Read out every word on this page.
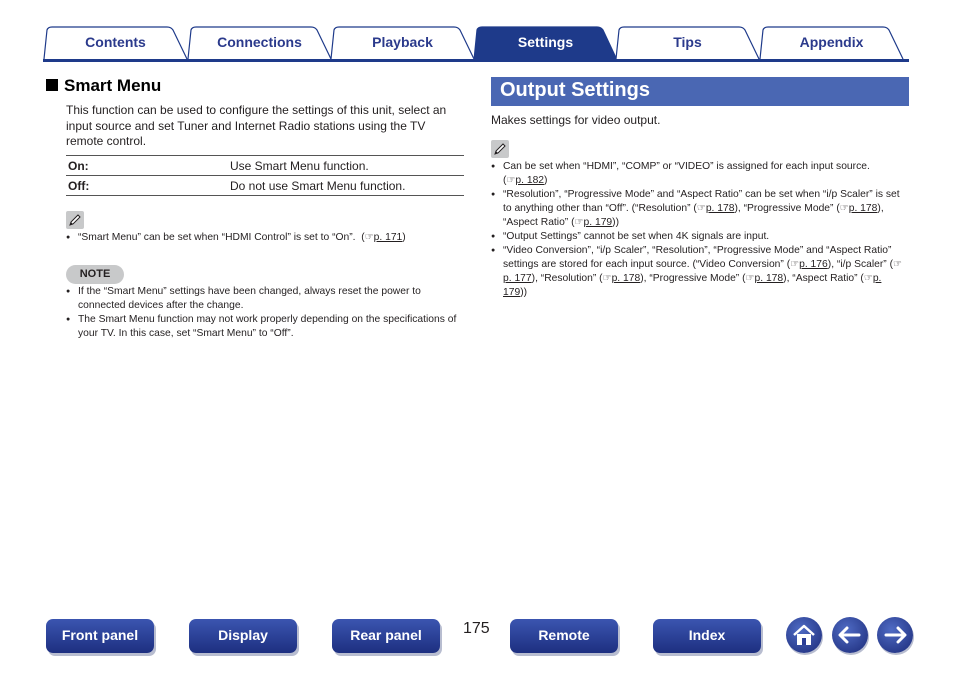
Contents	Connections	Playback	Settings	Tips	Appendix
Smart Menu
This function can be used to configure the settings of this unit, select an input source and set Tuner and Internet Radio stations using the TV remote control.
On:	Use Smart Menu function.
Off:	Do not use Smart Menu function.
● “Smart Menu” can be set when “HDMI Control” is set to “On”.  (☞p. 171)
NOTE
● If the “Smart Menu” settings have been changed, always reset the power to connected devices after the change.
● The Smart Menu function may not work properly depending on the specifications of your TV. In this case, set “Smart Menu” to “Off”.
Output Settings
Makes settings for video output.
● Can be set when “HDMI”, “COMP” or “VIDEO” is assigned for each input source.
(☞p. 182)
● “Resolution”, “Progressive Mode” and “Aspect Ratio” can be set when “i/p Scaler” is set to anything other than “Off”. (“Resolution” (☞p. 178), “Progressive Mode” (☞p. 178), “Aspect Ratio” (☞p. 179))
● “Output Settings” cannot be set when 4K signals are input.
● “Video Conversion”, “i/p Scaler”, “Resolution”, “Progressive Mode” and “Aspect Ratio” settings are stored for each input source. (“Video Conversion” (☞p. 176), “i/p Scaler” (☞p. 177), “Resolution” (☞p. 178), “Progressive Mode” (☞p. 178), “Aspect Ratio” (☞p. 179))
Front panel	Display	Rear panel	175	Remote	Index
